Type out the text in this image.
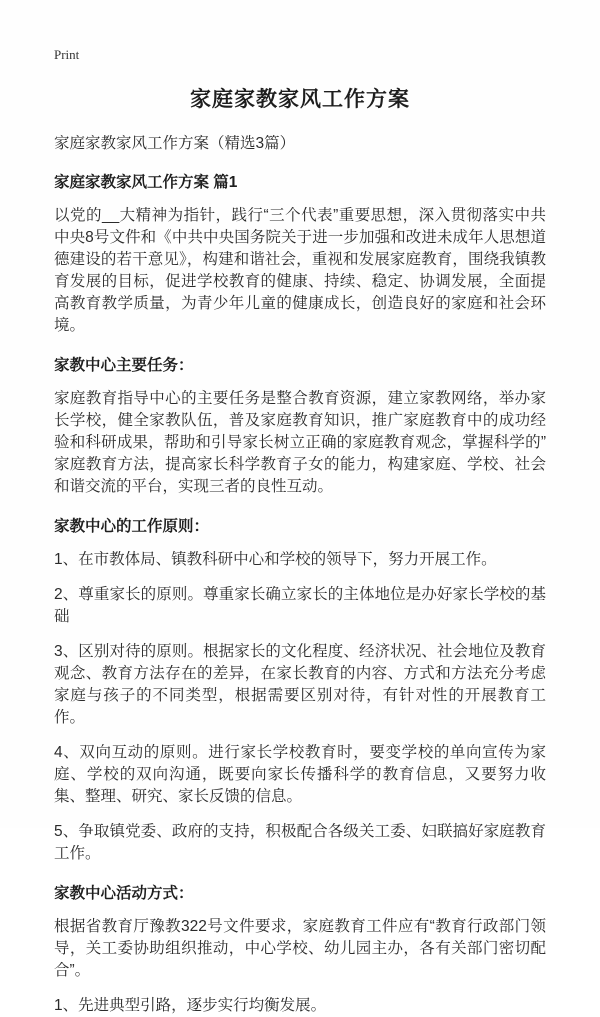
Print
家庭家教家风工作方案

家庭家教家风工作方案（精选3篇）

家庭家教家风工作方案 篇1

以党的__大精神为指针，践行“三个代表”重要思想，深入贯彻落实中共中央8号文件和《中共中央国务院关于进一步加强和改进未成年人思想道德建设的若干意见》，构建和谐社会，重视和发展家庭教育，围绕我镇教育发展的目标，促进学校教育的健康、持续、稳定、协调发展，全面提高教育教学质量，为青少年儿童的健康成长，创造良好的家庭和社会环境。

家教中心主要任务：

家庭教育指导中心的主要任务是整合教育资源，建立家教网络，举办家长学校，健全家教队伍，普及家庭教育知识，推广家庭教育中的成功经验和科研成果，帮助和引导家长树立正确的家庭教育观念，掌握科学的”家庭教育方法，提高家长科学教育子女的能力，构建家庭、学校、社会和谐交流的平台，实现三者的良性互动。

家教中心的工作原则：

1、在市教体局、镇教科研中心和学校的领导下，努力开展工作。

2、尊重家长的原则。尊重家长确立家长的主体地位是办好家长学校的基础

3、区别对待的原则。根据家长的文化程度、经济状况、社会地位及教育观念、教育方法存在的差异，在家长教育的内容、方式和方法充分考虑家庭与孩子的不同类型，根据需要区别对待，有针对性的开展教育工作。

4、双向互动的原则。进行家长学校教育时，要变学校的单向宣传为家庭、学校的双向沟通，既要向家长传播科学的教育信息，又要努力收集、整理、研究、家长反馈的信息。

5、争取镇党委、政府的支持，积极配合各级关工委、妇联搞好家庭教育工作。

家教中心活动方式：

根据省教育厅豫教322号文件要求，家庭教育工件应有“教育行政部门领导，关工委协助组织推动，中心学校、幼儿园主办，各有关部门密切配合”。

1、先进典型引路，逐步实行均衡发展。
